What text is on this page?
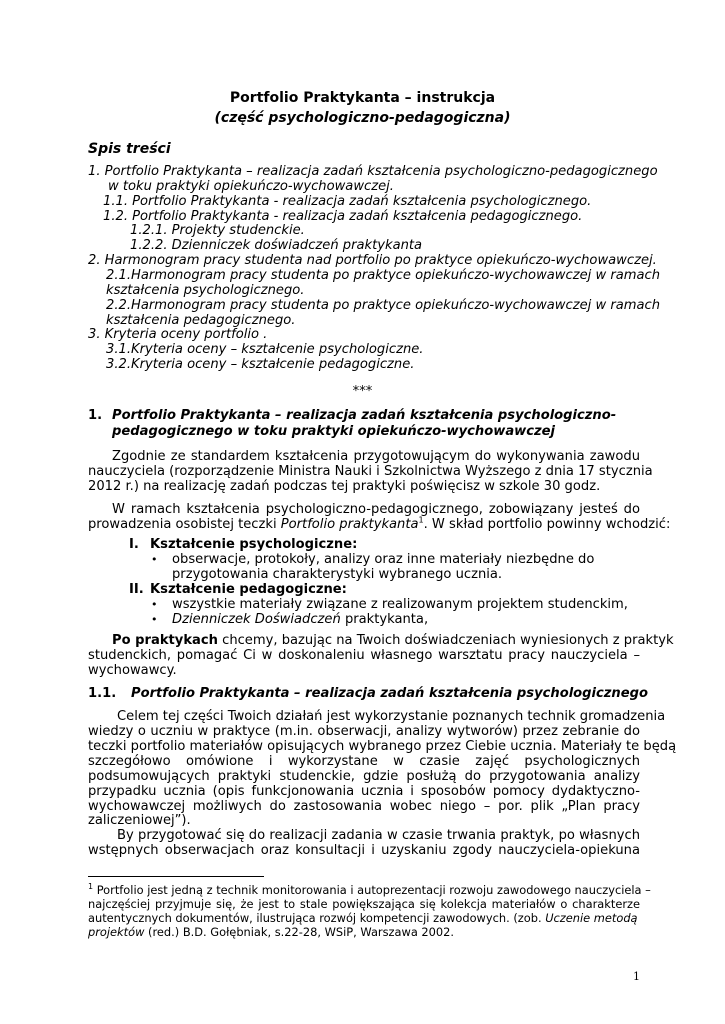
Portfolio Praktykanta – instrukcja
(część psychologiczno-pedagogiczna)
Spis treści
1. Portfolio Praktykanta – realizacja zadań kształcenia psychologiczno-pedagogicznego
w toku praktyki opiekuńczo-wychowawczej.
1.1. Portfolio Praktykanta - realizacja zadań kształcenia psychologicznego.
1.2. Portfolio Praktykanta - realizacja zadań kształcenia pedagogicznego.
1.2.1. Projekty studenckie.
1.2.2. Dzienniczek doświadczeń praktykanta
2. Harmonogram pracy studenta nad portfolio po praktyce opiekuńczo-wychowawczej.
2.1.Harmonogram pracy studenta po praktyce opiekuńczo-wychowawczej w ramach
kształcenia psychologicznego.
2.2.Harmonogram pracy studenta po praktyce opiekuńczo-wychowawczej w ramach
kształcenia pedagogicznego.
3. Kryteria oceny portfolio .
3.1.Kryteria oceny – kształcenie psychologiczne.
3.2.Kryteria oceny – kształcenie pedagogiczne.
***
1. Portfolio Praktykanta – realizacja zadań kształcenia psychologiczno-
pedagogicznego w toku praktyki opiekuńczo-wychowawczej
Zgodnie ze standardem kształcenia przygotowującym do wykonywania zawodu
nauczyciela (rozporządzenie Ministra Nauki i Szkolnictwa Wyższego z dnia 17 stycznia
2012 r.) na realizację zadań podczas tej praktyki poświęcisz w szkole 30 godz.
W ramach kształcenia psychologiczno-pedagogicznego, zobowiązany jesteś do
prowadzenia osobistej teczki Portfolio praktykanta$^1$. W skład portfolio powinny wchodzić:
I. Kształcenie psychologiczne:
• obserwacje, protokoły, analizy oraz inne materiały niezbędne do
przygotowania charakterystyki wybranego ucznia.
II. Kształcenie pedagogiczne:
• wszystkie materiały związane z realizowanym projektem studenckim,
• Dzienniczek Doświadczeń praktykanta,
Po praktykach chcemy, bazując na Twoich doświadczeniach wyniesionych z praktyk
studenckich, pomagać Ci w doskonaleniu własnego warsztatu pracy nauczyciela –
wychowawcy.
1.1. Portfolio Praktykanta – realizacja zadań kształcenia psychologicznego
Celem tej części Twoich działań jest wykorzystanie poznanych technik gromadzenia
wiedzy o uczniu w praktyce (m.in. obserwacji, analizy wytworów) przez zebranie do
teczki portfolio materiałów opisujących wybranego przez Ciebie ucznia. Materiały te będą
szczegółowo omówione i wykorzystane w czasie zajęć psychologicznych
podsumowujących praktyki studenckie, gdzie posłużą do przygotowania analizy
przypadku ucznia (opis funkcjonowania ucznia i sposobów pomocy dydaktyczno-
wychowawczej możliwych do zastosowania wobec niego – por. plik „Plan pracy
zaliczeniowej”).
By przygotować się do realizacji zadania w czasie trwania praktyk, po własnych
wstępnych obserwacjach oraz konsultacji i uzyskaniu zgody nauczyciela-opiekuna
$^1$ Portfolio jest jedną z technik monitorowania i autoprezentacji rozwoju zawodowego nauczyciela –
najczęściej przyjmuje się, że jest to stale powiększająca się kolekcja materiałów o charakterze
autentycznych dokumentów, ilustrująca rozwój kompetencji zawodowych. (zob. Uczenie metodą
projektów (red.) B.D. Gołębniak, s.22-28, WSiP, Warszawa 2002.
1
